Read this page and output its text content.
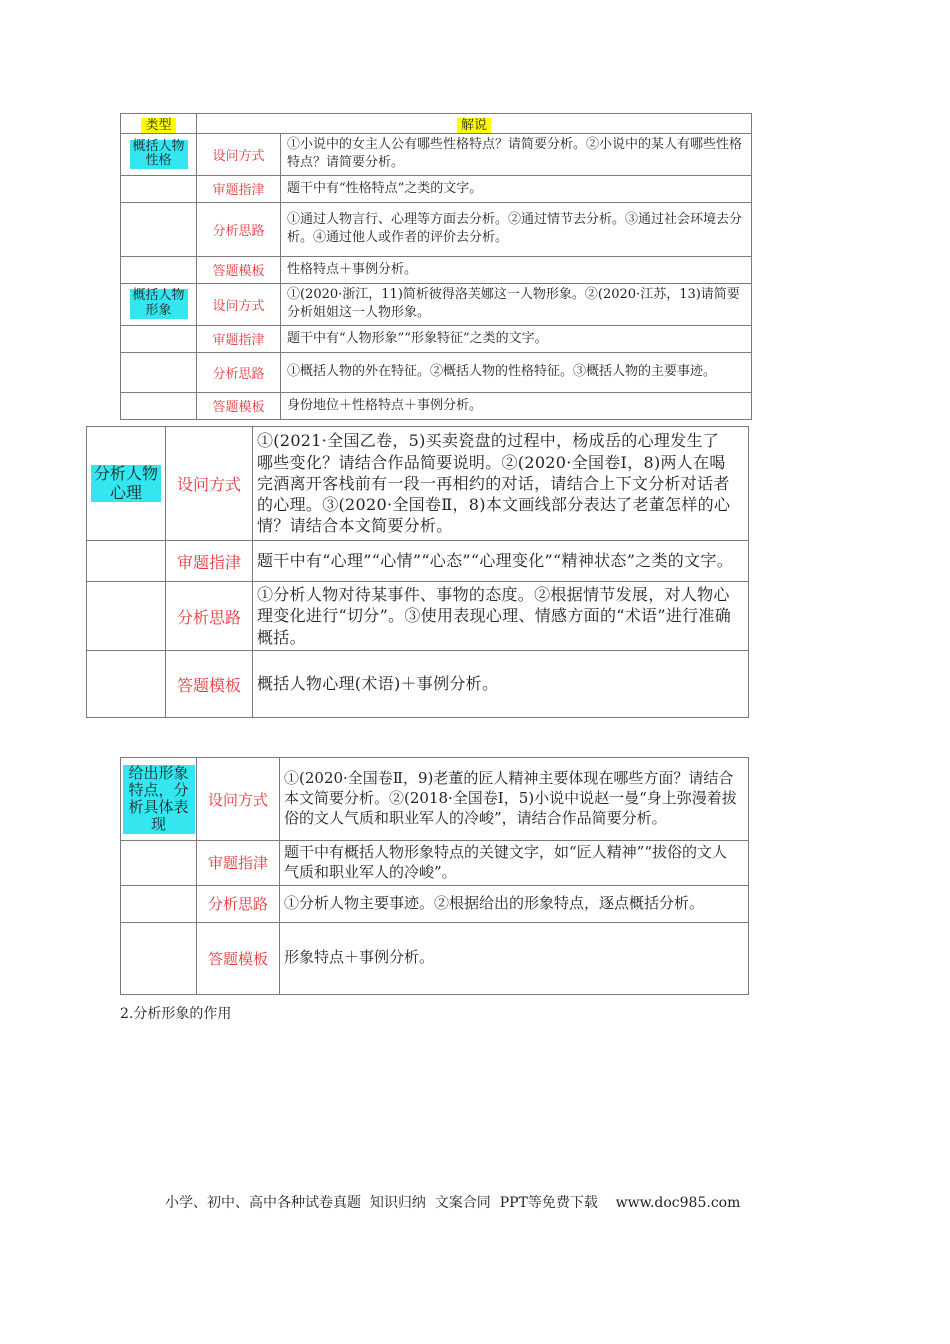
类型	解说	
概括人物性格	设问方式	①小说中的女主人公有哪些性格特点？请简要分析。②小说中的某人有哪些性格特点？请简要分析。
	审题指津	题干中有“性格特点”之类的文字。
	分析思路	①通过人物言行、心理等方面去分析。②通过情节去分析。③通过社会环境去分析。④通过他人或作者的评价去分析。
	答题模板	性格特点＋事例分析。
概括人物形象	设问方式	①(2020·浙江，11)简析彼得洛芙娜这一人物形象。②(2020·江苏，13)请简要分析姐姐这一人物形象。
	审题指津	题干中有“人物形象”“形象特征”之类的文字。
	分析思路	①概括人物的外在特征。②概括人物的性格特征。③概括人物的主要事迹。
	答题模板	身份地位＋性格特点＋事例分析。
分析人物心理	设问方式	①(2021·全国乙卷，5)买卖瓷盘的过程中，杨成岳的心理发生了哪些变化？请结合作品简要说明。②(2020·全国卷Ⅰ，8)两人在喝完酒离开客栈前有一段一再相约的对话，请结合上下文分析对话者的心理。③(2020·全国卷Ⅱ，8)本文画线部分表达了老董怎样的心情？请结合本文简要分析。
	审题指津	题干中有“心理”“心情”“心态”“心理变化”“精神状态”之类的文字。
	分析思路	①分析人物对待某事件、事物的态度。②根据情节发展，对人物心理变化进行“切分”。③使用表现心理、情感方面的“术语”进行准确概括。
	答题模板	概括人物心理(术语)＋事例分析。
给出形象特点，分析具体表现	设问方式	①(2020·全国卷Ⅱ，9)老董的匠人精神主要体现在哪些方面？请结合本文简要分析。②(2018·全国卷Ⅰ，5)小说中说赵一曼“身上弥漫着拔俗的文人气质和职业军人的冷峻”，请结合作品简要分析。
	审题指津	题干中有概括人物形象特点的关键文字，如“匠人精神”“拔俗的文人气质和职业军人的冷峻”。
	分析思路	①分析人物主要事迹。②根据给出的形象特点，逐点概括分析。
	答题模板	形象特点＋事例分析。
2.分析形象的作用
小学、初中、高中各种试卷真题  知识归纳  文案合同  PPT等免费下载    www.doc985.com
